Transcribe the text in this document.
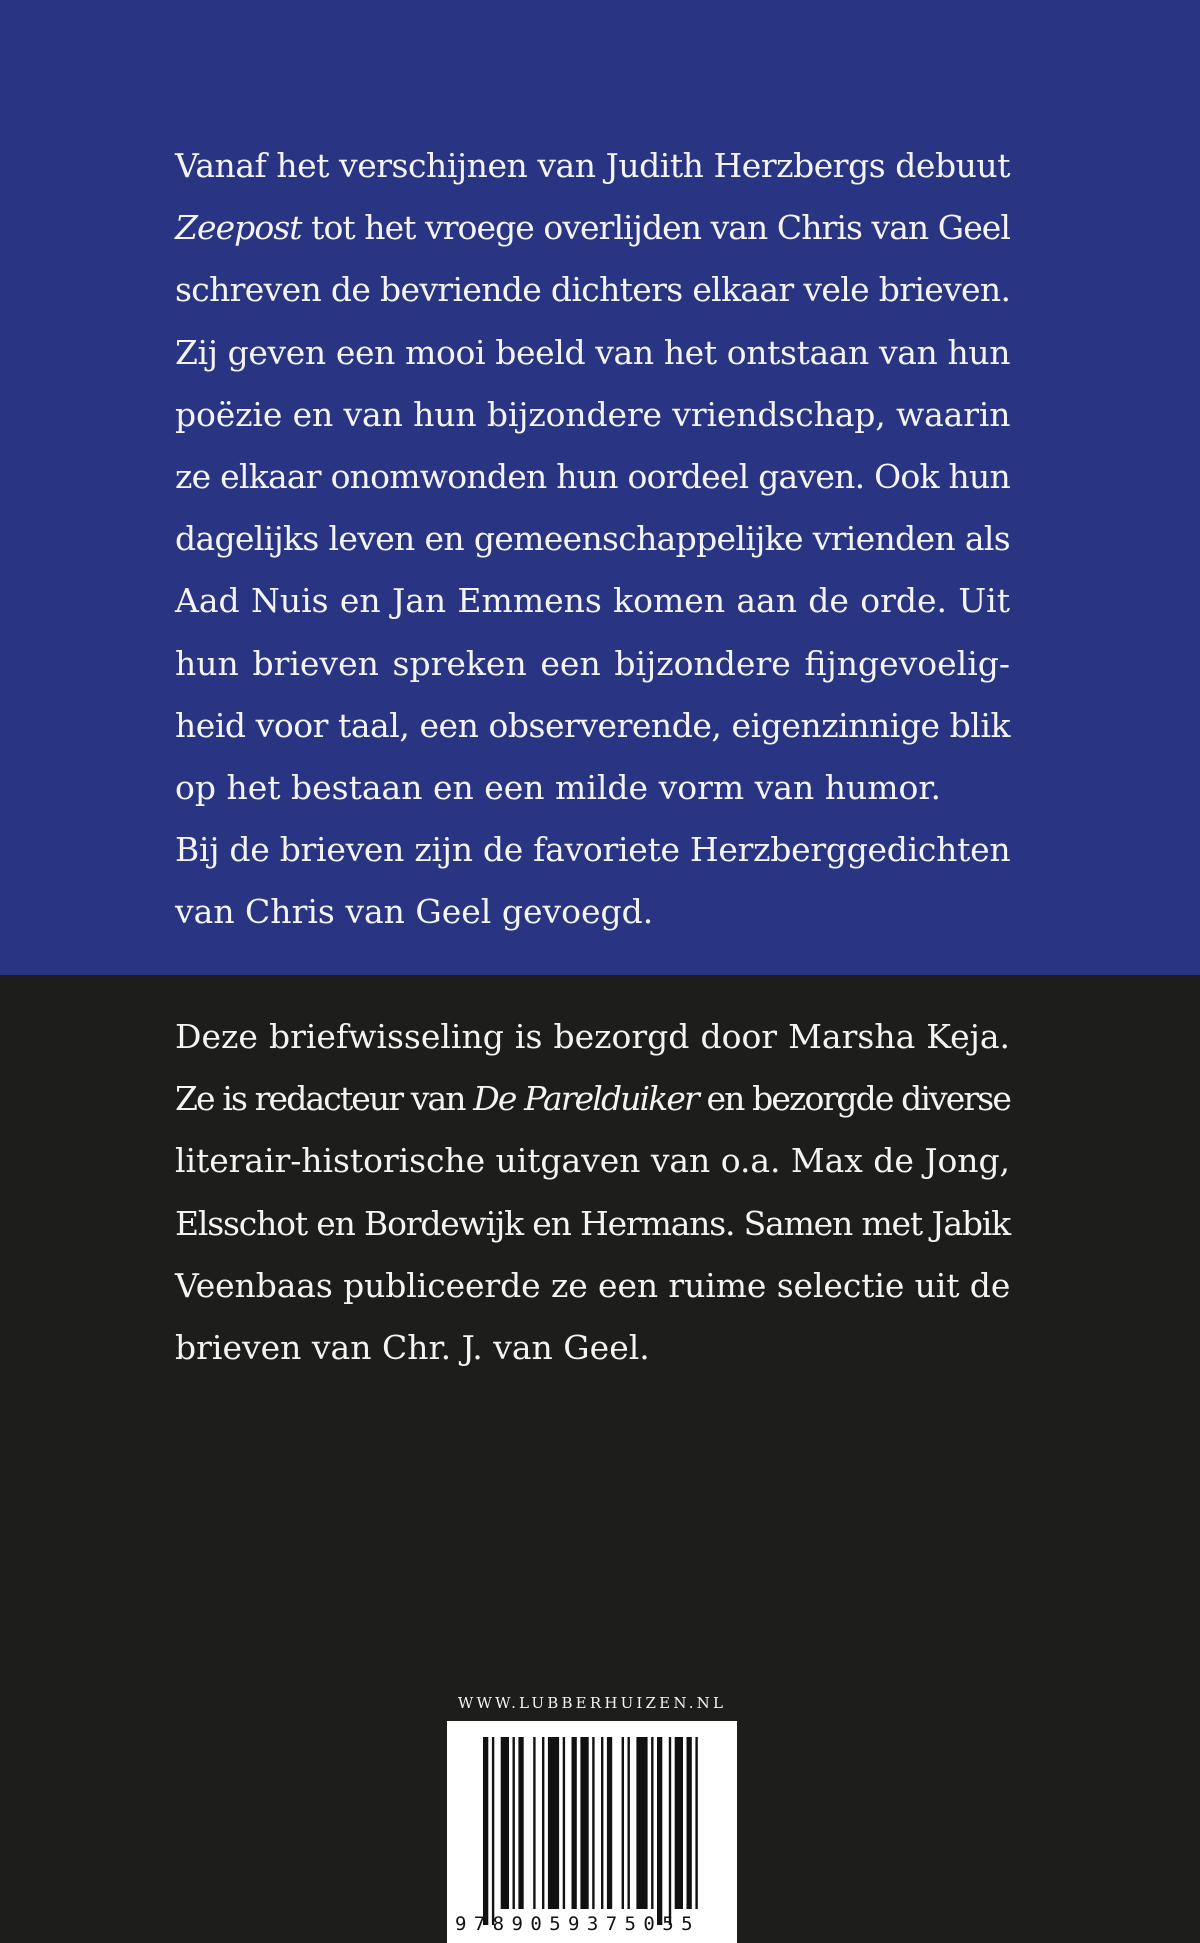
Vanaf het verschijnen van Judith Herzbergs debuut
Zeepost tot het vroege overlijden van Chris van Geel
schreven de bevriende dichters elkaar vele brieven.
Zij geven een mooi beeld van het ontstaan van hun
poëzie en van hun bijzondere vriendschap, waarin
ze elkaar onomwonden hun oordeel gaven. Ook hun
dagelijks leven en gemeenschappelijke vrienden als
Aad Nuis en Jan Emmens komen aan de orde. Uit
hun brieven spreken een bijzondere fijngevoelig-
heid voor taal, een observerende, eigenzinnige blik
op het bestaan en een milde vorm van humor.
Bij de brieven zijn de favoriete Herzberggedichten
van Chris van Geel gevoegd.
Deze briefwisseling is bezorgd door Marsha Keja.
Ze is redacteur van De Parelduiker en bezorgde diverse
literair-historische uitgaven van o.a. Max de Jong,
Elsschot en Bordewijk en Hermans. Samen met Jabik
Veenbaas publiceerde ze een ruime selectie uit de
brieven van Chr. J. van Geel.
WWW.LUBBERHUIZEN.NL
9789059375055
